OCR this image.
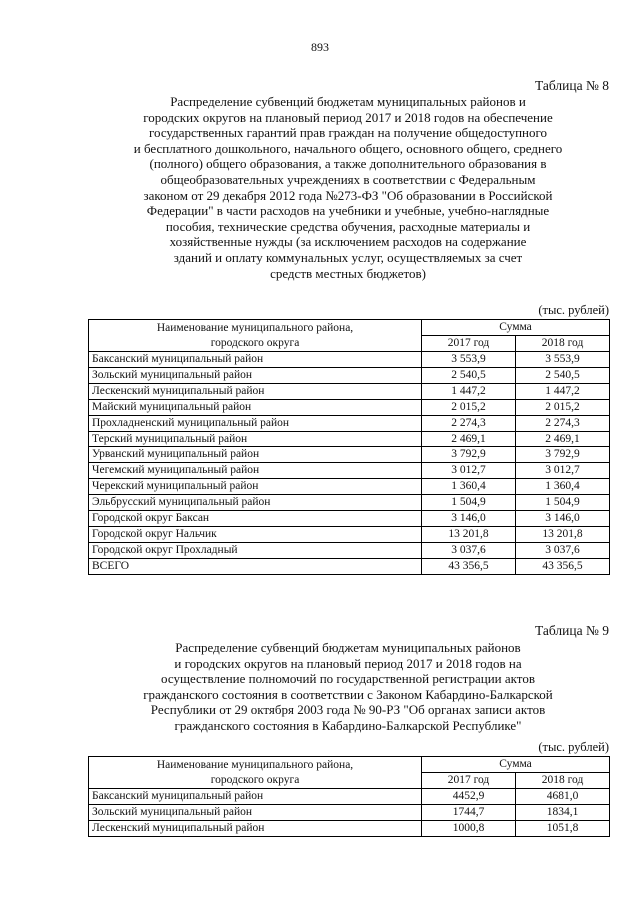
893
Таблица № 8
Распределение субвенций бюджетам муниципальных районов и
городских округов на плановый период 2017 и 2018 годов на обеспечение
государственных гарантий прав граждан на получение общедоступного
и бесплатного дошкольного, начального общего, основного общего, среднего
(полного) общего образования, а также дополнительного образования в
общеобразовательных учреждениях в соответствии с Федеральным
законом от 29 декабря 2012 года №273-ФЗ "Об образовании в Российской
Федерации" в части расходов на учебники и учебные, учебно-наглядные
пособия, технические средства обучения, расходные материалы и
хозяйственные нужды (за исключением расходов на содержание
зданий и оплату коммунальных услуг, осуществляемых за счет
средств местных бюджетов)
(тыс. рублей)
Наименование муниципального района,
городского округа	Сумма	
	2017 год	2018 год
Баксанский муниципальный район	3 553,9	3 553,9
Зольский муниципальный район	2 540,5	2 540,5
Лескенский муниципальный район	1 447,2	1 447,2
Майский муниципальный район	2 015,2	2 015,2
Прохладненский муниципальный район	2 274,3	2 274,3
Терский муниципальный район	2 469,1	2 469,1
Урванский муниципальный район	3 792,9	3 792,9
Чегемский муниципальный район	3 012,7	3 012,7
Черекский муниципальный район	1 360,4	1 360,4
Эльбрусский муниципальный район	1 504,9	1 504,9
Городской округ Баксан	3 146,0	3 146,0
Городской округ Нальчик	13 201,8	13 201,8
Городской округ Прохладный	3 037,6	3 037,6
ВСЕГО	43 356,5	43 356,5
Таблица № 9
Распределение субвенций бюджетам муниципальных районов
и городских округов на плановый период 2017 и 2018 годов на
осуществление полномочий по государственной регистрации актов
гражданского состояния в соответствии с Законом Кабардино-Балкарской
Республики от 29 октября 2003 года № 90-РЗ "Об органах записи актов
гражданского состояния в Кабардино-Балкарской Республике"
(тыс. рублей)
Наименование муниципального района,
городского округа	Сумма	
	2017 год	2018 год
Баксанский муниципальный район	4452,9	4681,0
Зольский муниципальный район	1744,7	1834,1
Лескенский муниципальный район	1000,8	1051,8
